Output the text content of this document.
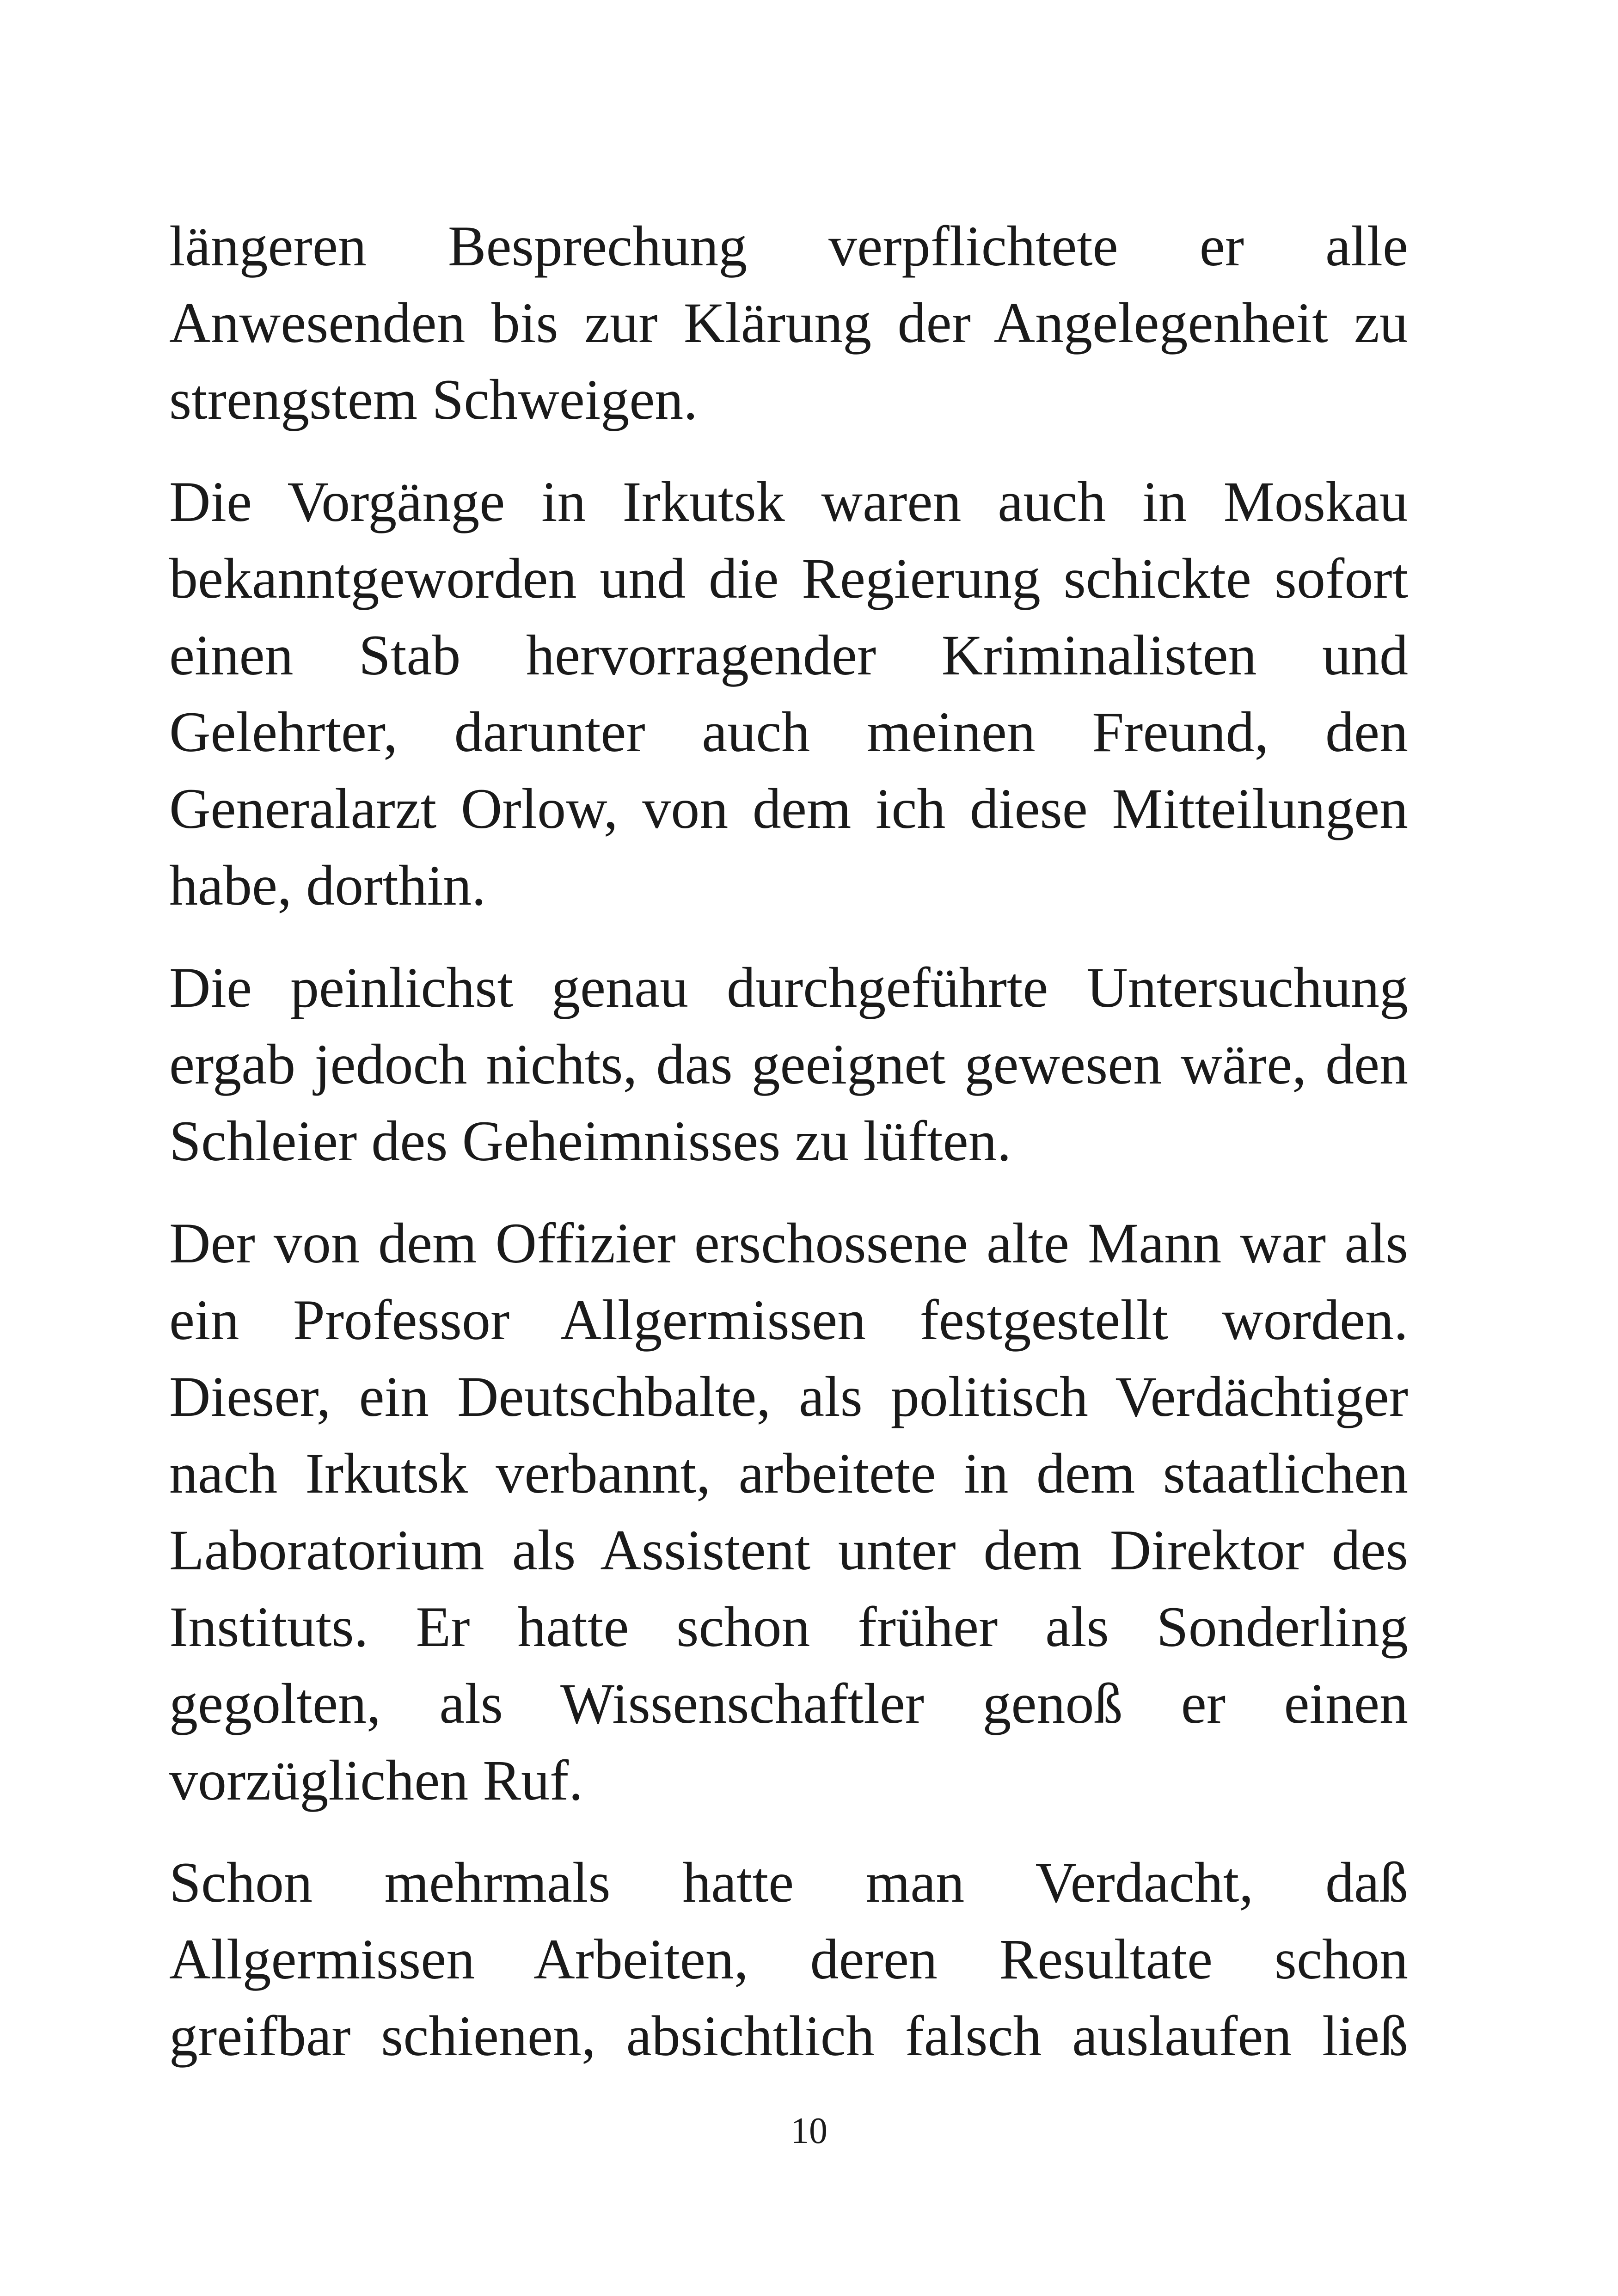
längeren Besprechung verpflichtete er alle
Anwesenden bis zur Klärung der Angelegenheit zu
strengstem Schweigen.

Die Vorgänge in Irkutsk waren auch in Moskau
bekanntgeworden und die Regierung schickte sofort
einen Stab hervorragender Kriminalisten und
Gelehrter, darunter auch meinen Freund, den
Generalarzt Orlow, von dem ich diese Mitteilungen
habe, dorthin.

Die peinlichst genau durchgeführte Untersuchung
ergab jedoch nichts, das geeignet gewesen wäre, den
Schleier des Geheimnisses zu lüften.

Der von dem Offizier erschossene alte Mann war als
ein Professor Allgermissen festgestellt worden.
Dieser, ein Deutschbalte, als politisch Verdächtiger
nach Irkutsk verbannt, arbeitete in dem staatlichen
Laboratorium als Assistent unter dem Direktor des
Instituts. Er hatte schon früher als Sonderling
gegolten, als Wissenschaftler genoß er einen
vorzüglichen Ruf.

Schon mehrmals hatte man Verdacht, daß
Allgermissen Arbeiten, deren Resultate schon
greifbar schienen, absichtlich falsch auslaufen ließ

10
